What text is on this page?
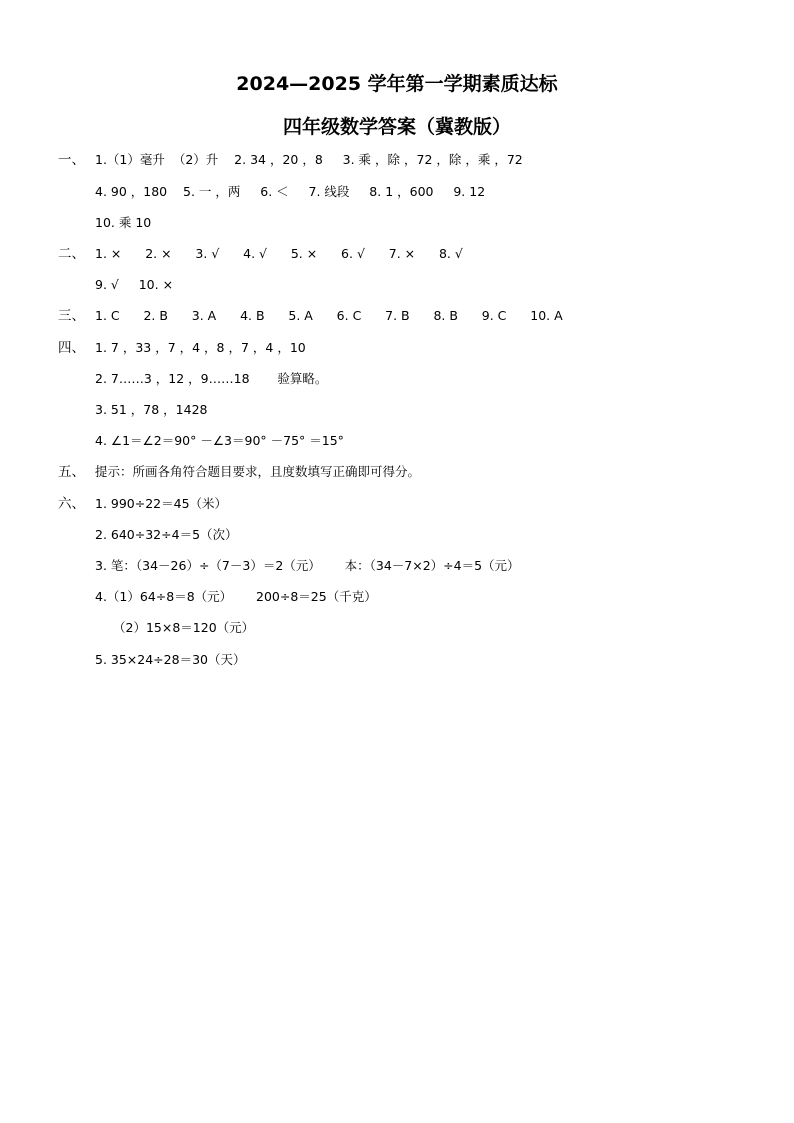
2024—2025 学年第一学期素质达标
四年级数学答案（冀教版）
一、 1.（1）毫升  （2）升    2. 34 ，20 ，8     3. 乘 ，除 ，72 ，除 ，乘 ，72
4. 90 ，180    5. 一 ，两     6. ＜     7. 线段     8. 1 ，600     9. 12
10. 乘 10
二、 1. ×      2. ×      3. √      4. √      5. ×      6. √      7. ×      8. √
9. √     10. ×
三、 1. C      2. B      3. A      4. B      5. A      6. C      7. B      8. B      9. C      10. A
四、 1. 7 ，33 ，7 ，4 ，8 ，7 ，4 ，10
2. 7……3 ，12 ，9……18       验算略。
3. 51 ，78 ，1428
4. ∠1＝∠2＝90° －∠3＝90° －75° ＝15°
五、 提示：所画各角符合题目要求，且度数填写正确即可得分。
六、 1. 990÷22＝45（米）
2. 640÷32÷4＝5（次）
3. 笔：（34－26）÷（7－3）＝2（元）      本：（34－7×2）÷4＝5（元）
4.（1）64÷8＝8（元）      200÷8＝25（千克）
（2）15×8＝120（元）
5. 35×24÷28＝30（天）
